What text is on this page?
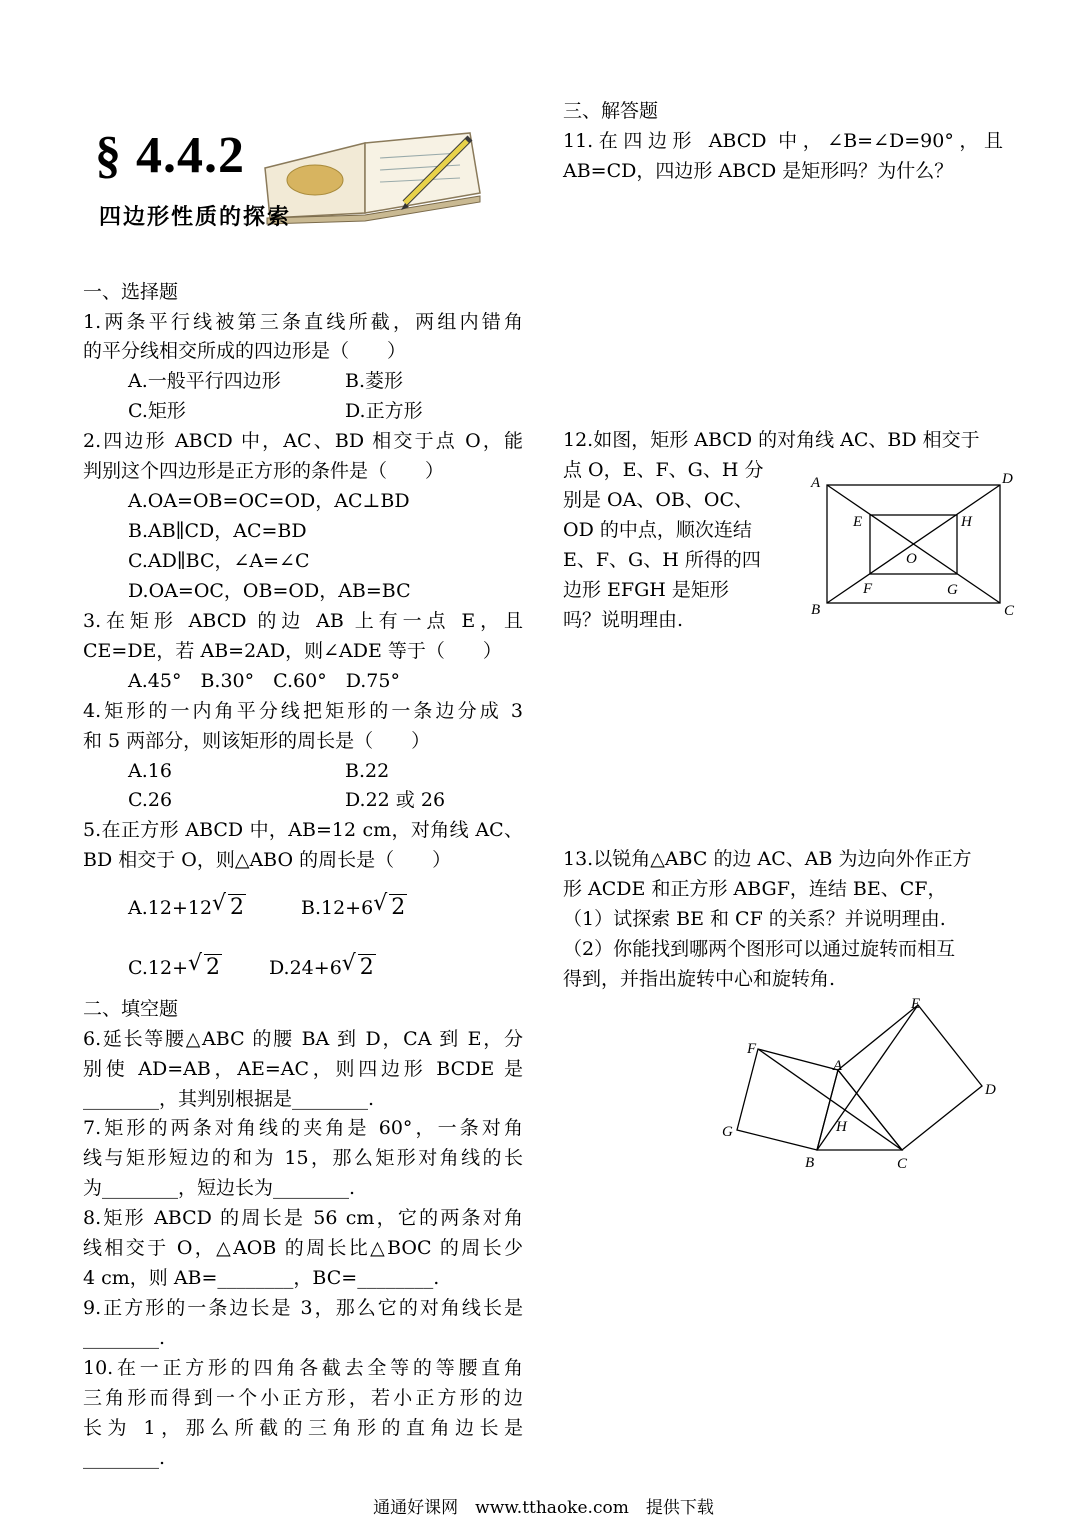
§ 4.4.2
四边形性质的探索
一、选择题
1.两条平行线被第三条直线所截，两组内错角
的平分线相交所成的四边形是（　　）
A.一般平行四边形	B.菱形
C.矩形	D.正方形
2.四边形 ABCD 中，AC、BD 相交于点 O，能
判别这个四边形是正方形的条件是（　　）
A.OA=OB=OC=OD，AC⊥BD
B.AB∥CD，AC=BD
C.AD∥BC，∠A=∠C
D.OA=OC，OB=OD，AB=BC
3.在矩形 ABCD 的边 AB 上有一点 E，且
CE=DE，若 AB=2AD，则∠ADE 等于（　　）
A.45°　B.30°　C.60°　D.75°
4.矩形的一内角平分线把矩形的一条边分成 3
和 5 两部分，则该矩形的周长是（　　）
A.16	B.22
C.26	D.22 或 26
5.在正方形 ABCD 中，AB=12 cm，对角线 AC、
BD 相交于 O，则△ABO 的周长是（　　）
A.12+12 √ 2	B.12+6 √ 2
C.12+ √ 2	D.24+6 √ 2
二、填空题
6.延长等腰△ABC 的腰 BA 到 D，CA 到 E，分
别使 AD=AB，AE=AC，则四边形 BCDE 是
________，其判别根据是________.
7.矩形的两条对角线的夹角是 60°，一条对角
线与矩形短边的和为 15，那么矩形对角线的长
为________，短边长为________.
8.矩形 ABCD 的周长是 56 cm，它的两条对角
线相交于 O，△AOB 的周长比△BOC 的周长少
4 cm，则 AB=________，BC=________.
9.正方形的一条边长是 3，那么它的对角线长是
________.
10.在一正方形的四角各截去全等的等腰直角
三角形而得到一个小正方形，若小正方形的边
长为 1，那么所截的三角形的直角边长是
________.
三、解答题
11.在四边形 ABCD 中，∠B=∠D=90°，且
AB=CD，四边形 ABCD 是矩形吗？为什么？
12.如图，矩形 ABCD 的对角线 AC、BD 相交于
点 O，E、F、G、H 分
别是 OA、OB、OC、
OD 的中点，顺次连结
E、F、G、H 所得的四
边形 EFGH 是矩形
吗？说明理由.
13.以锐角△ABC 的边 AC、AB 为边向外作正方
形 ACDE 和正方形 ABGF，连结 BE、CF，
（1）试探索 BE 和 CF 的关系？并说明理由.
（2）你能找到哪两个图形可以通过旋转而相互
得到，并指出旋转中心和旋转角.
A
B	C
D
E
F	G
H
O
A
B	C
D
E
F
G	H
通通好课网　www.tthaoke.com　提供下载
